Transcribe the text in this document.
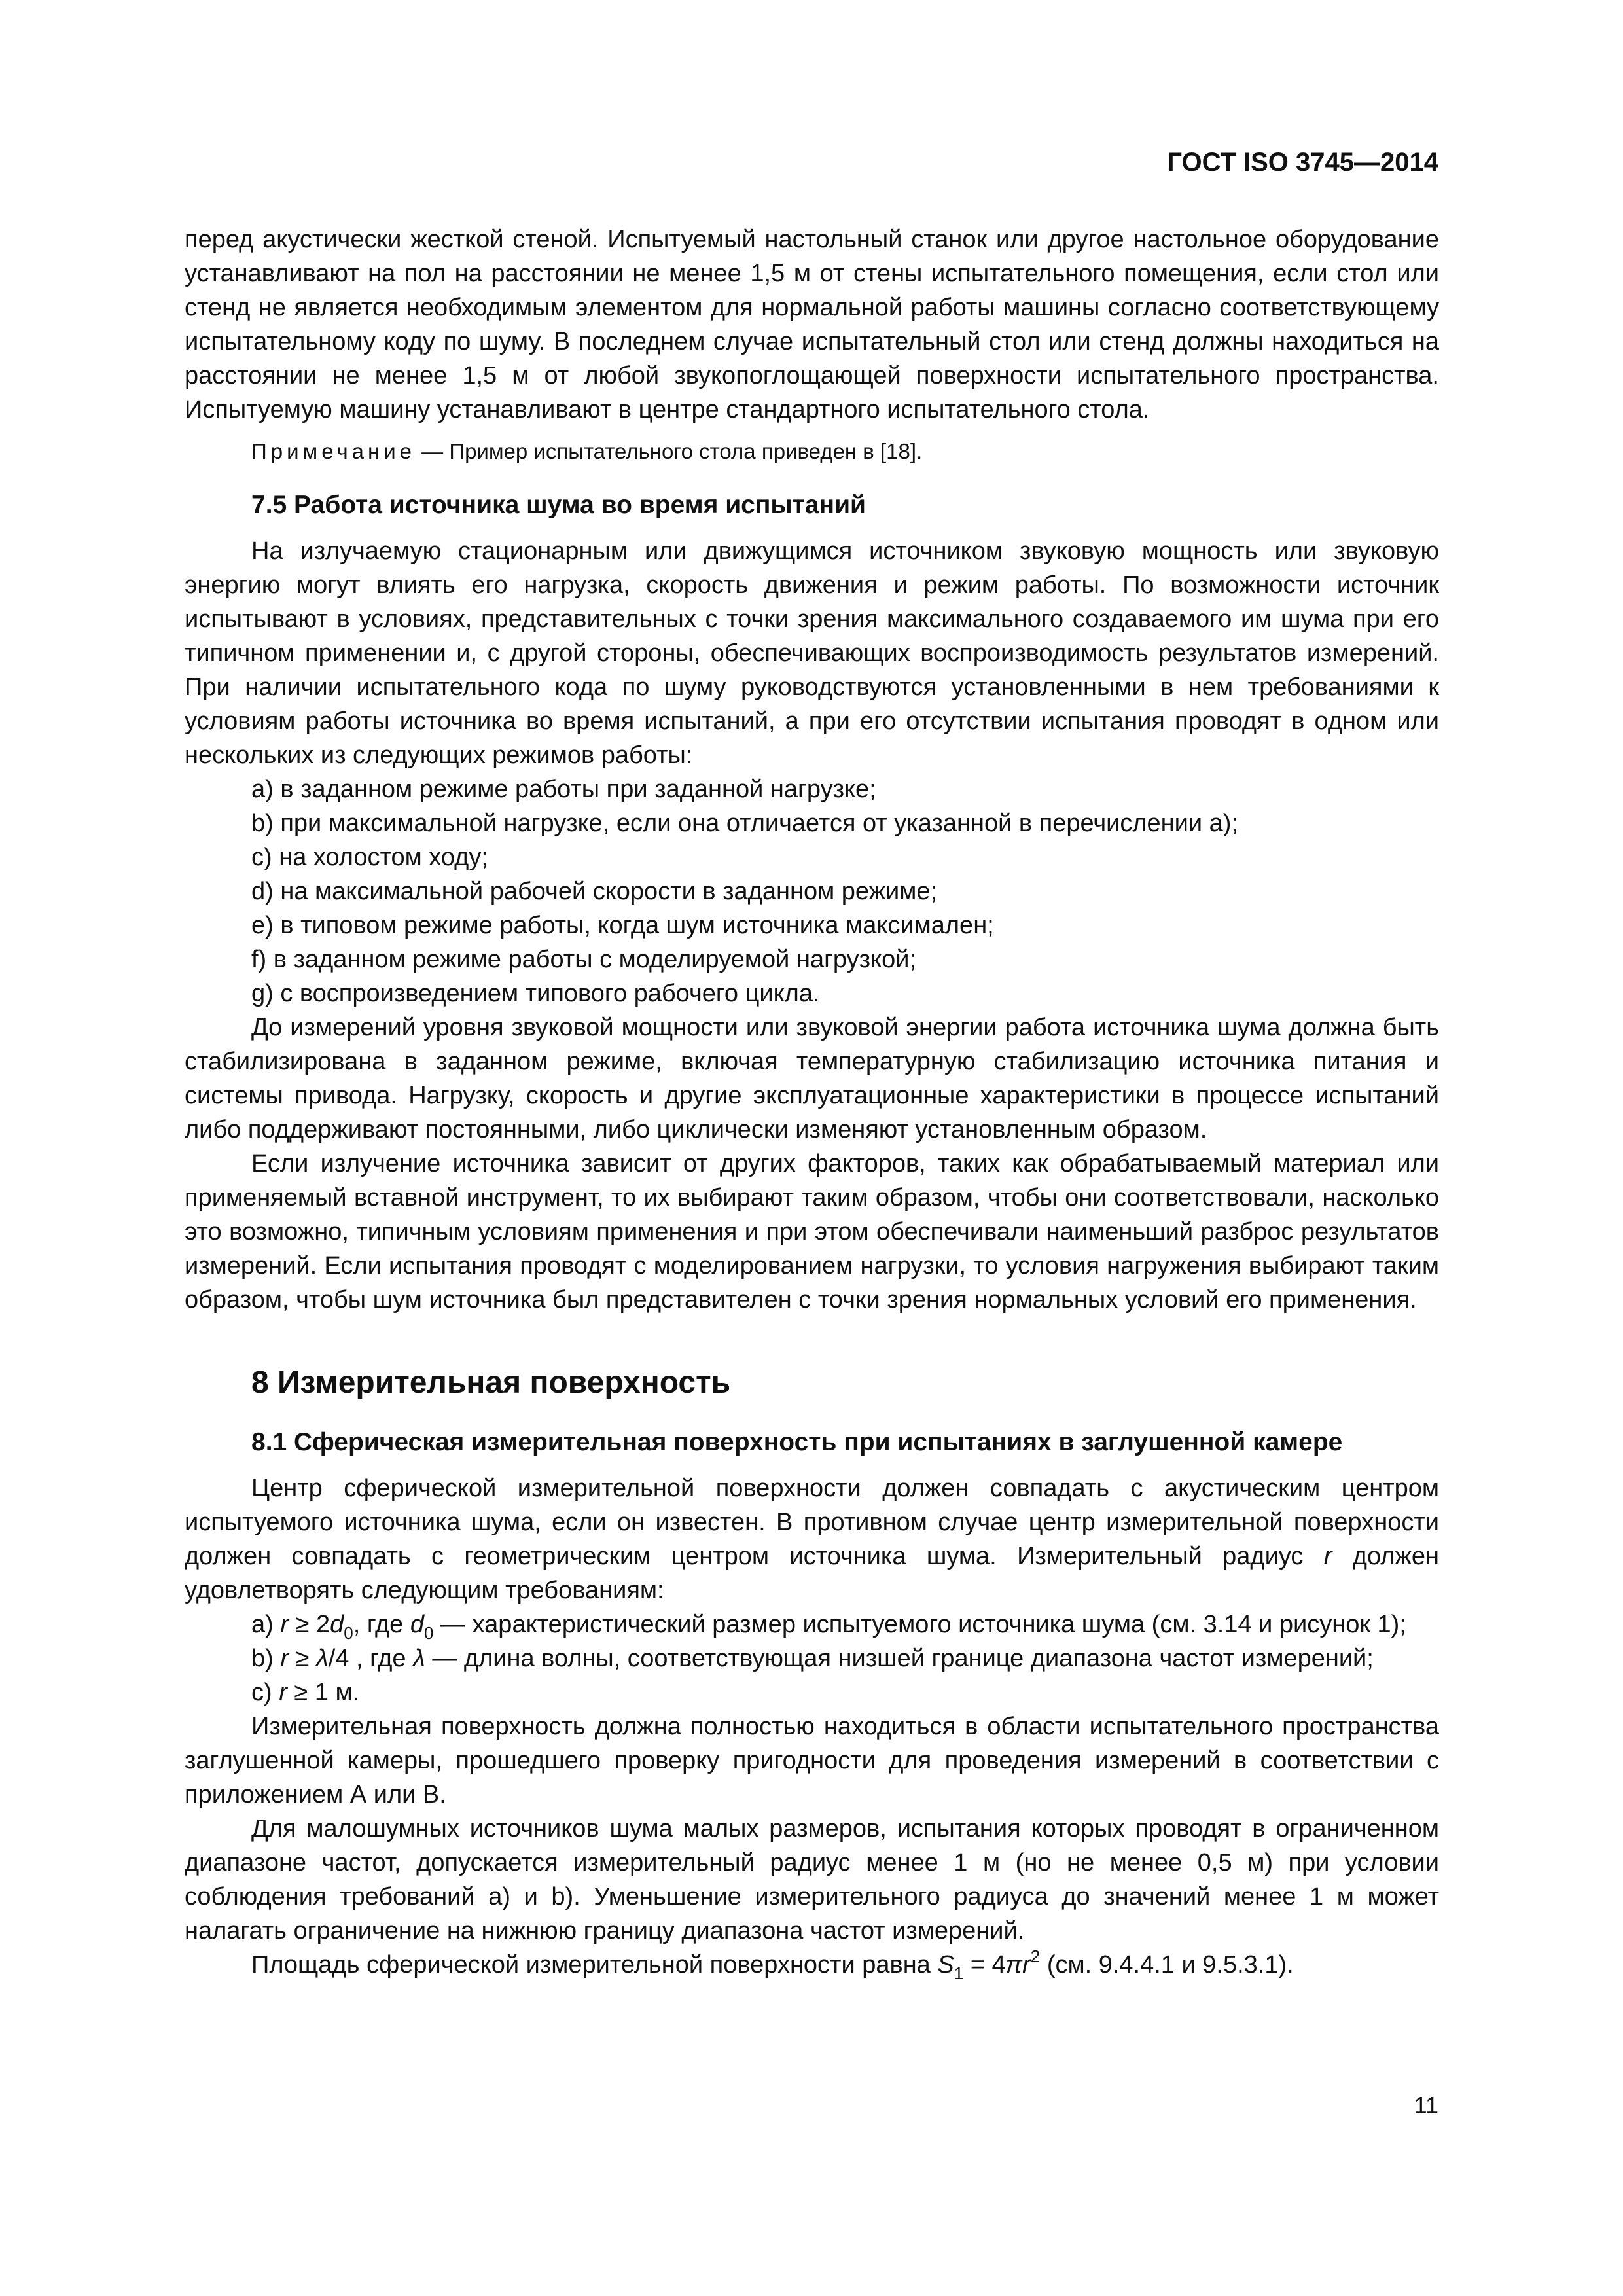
ГОСТ ISO 3745—2014

перед акустически жесткой стеной. Испытуемый настольный станок или другое настольное оборудование устанавливают на пол на расстоянии не менее 1,5 м от стены испытательного помещения, если стол или стенд не является необходимым элементом для нормальной работы машины согласно соответствующему испытательному коду по шуму. В последнем случае испытательный стол или стенд должны находиться на расстоянии не менее 1,5 м от любой звукопоглощающей поверхности испытательного пространства. Испытуемую машину устанавливают в центре стандартного испытательного стола.

Примечание — Пример испытательного стола приведен в [18].

7.5 Работа источника шума во время испытаний

На излучаемую стационарным или движущимся источником звуковую мощность или звуковую энергию могут влиять его нагрузка, скорость движения и режим работы. По возможности источник испытывают в условиях, представительных с точки зрения максимального создаваемого им шума при его типичном применении и, с другой стороны, обеспечивающих воспроизводимость результатов измерений. При наличии испытательного кода по шуму руководствуются установленными в нем требованиями к условиям работы источника во время испытаний, а при его отсутствии испытания проводят в одном или нескольких из следующих режимов работы:

a) в заданном режиме работы при заданной нагрузке;

b) при максимальной нагрузке, если она отличается от указанной в перечислении а);

c) на холостом ходу;

d) на максимальной рабочей скорости в заданном режиме;

e) в типовом режиме работы, когда шум источника максимален;

f) в заданном режиме работы с моделируемой нагрузкой;

g) с воспроизведением типового рабочего цикла.

До измерений уровня звуковой мощности или звуковой энергии работа источника шума должна быть стабилизирована в заданном режиме, включая температурную стабилизацию источника питания и системы привода. Нагрузку, скорость и другие эксплуатационные характеристики в процессе испытаний либо поддерживают постоянными, либо циклически изменяют установленным образом.

Если излучение источника зависит от других факторов, таких как обрабатываемый материал или применяемый вставной инструмент, то их выбирают таким образом, чтобы они соответствовали, насколько это возможно, типичным условиям применения и при этом обеспечивали наименьший разброс результатов измерений. Если испытания проводят с моделированием нагрузки, то условия нагружения выбирают таким образом, чтобы шум источника был представителен с точки зрения нормальных условий его применения.

8 Измерительная поверхность
8.1 Сферическая измерительная поверхность при испытаниях в заглушенной камере

Центр сферической измерительной поверхности должен совпадать с акустическим центром испытуемого источника шума, если он известен. В противном случае центр измерительной поверхности должен совпадать с геометрическим центром источника шума. Измерительный радиус r должен удовлетворять следующим требованиям:

a) $r \ge 2d_0$, где $d_0$ — характеристический размер испытуемого источника шума (см. 3.14 и рисунок 1);

b) r ≥ λ/4 , где λ — длина волны, соответствующая низшей границе диапазона частот измерений;

c) r ≥ 1 м.

Измерительная поверхность должна полностью находиться в области испытательного пространства заглушенной камеры, прошедшего проверку пригодности для проведения измерений в соответствии с приложением А или В.

Для малошумных источников шума малых размеров, испытания которых проводят в ограниченном диапазоне частот, допускается измерительный радиус менее 1 м (но не менее 0,5 м) при условии соблюдения требований а) и b). Уменьшение измерительного радиуса до значений менее 1 м может налагать ограничение на нижнюю границу диапазона частот измерений.

Площадь сферической измерительной поверхности равна $S_1 = 4\pi r^2$ (см. 9.4.4.1 и 9.5.3.1).

11
